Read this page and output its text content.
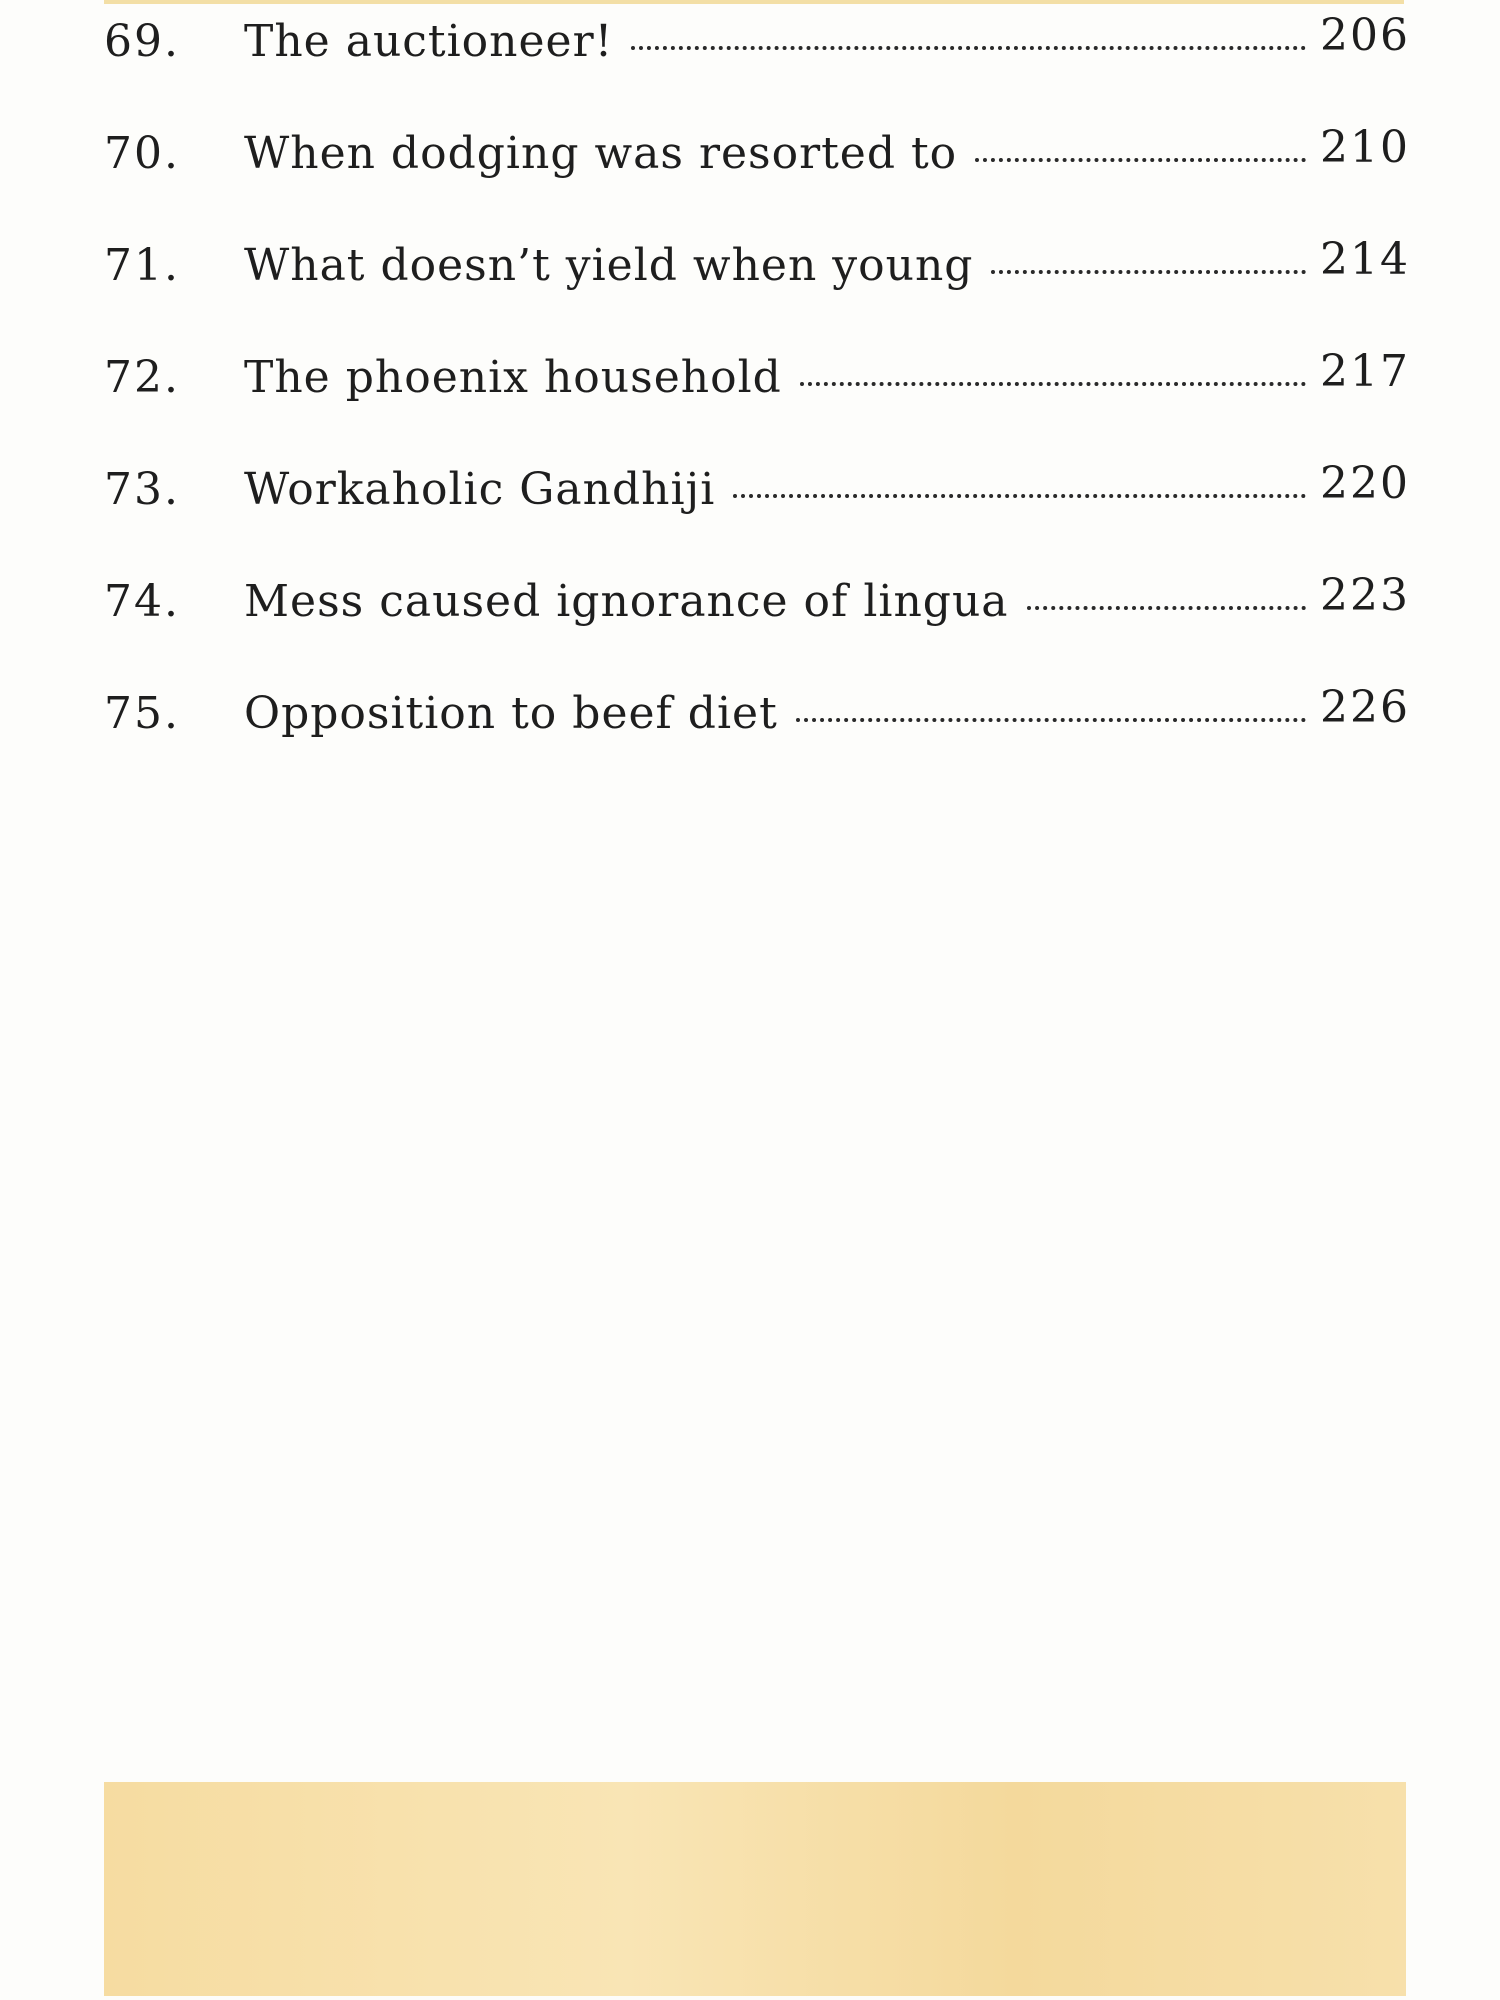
69. The auctioneer!	206
70. When dodging was resorted to	210
71. What doesn’t yield when young	214
72. The phoenix household	217
73. Workaholic Gandhiji	220
74. Mess caused ignorance of lingua	223
75. Opposition to beef diet	226
